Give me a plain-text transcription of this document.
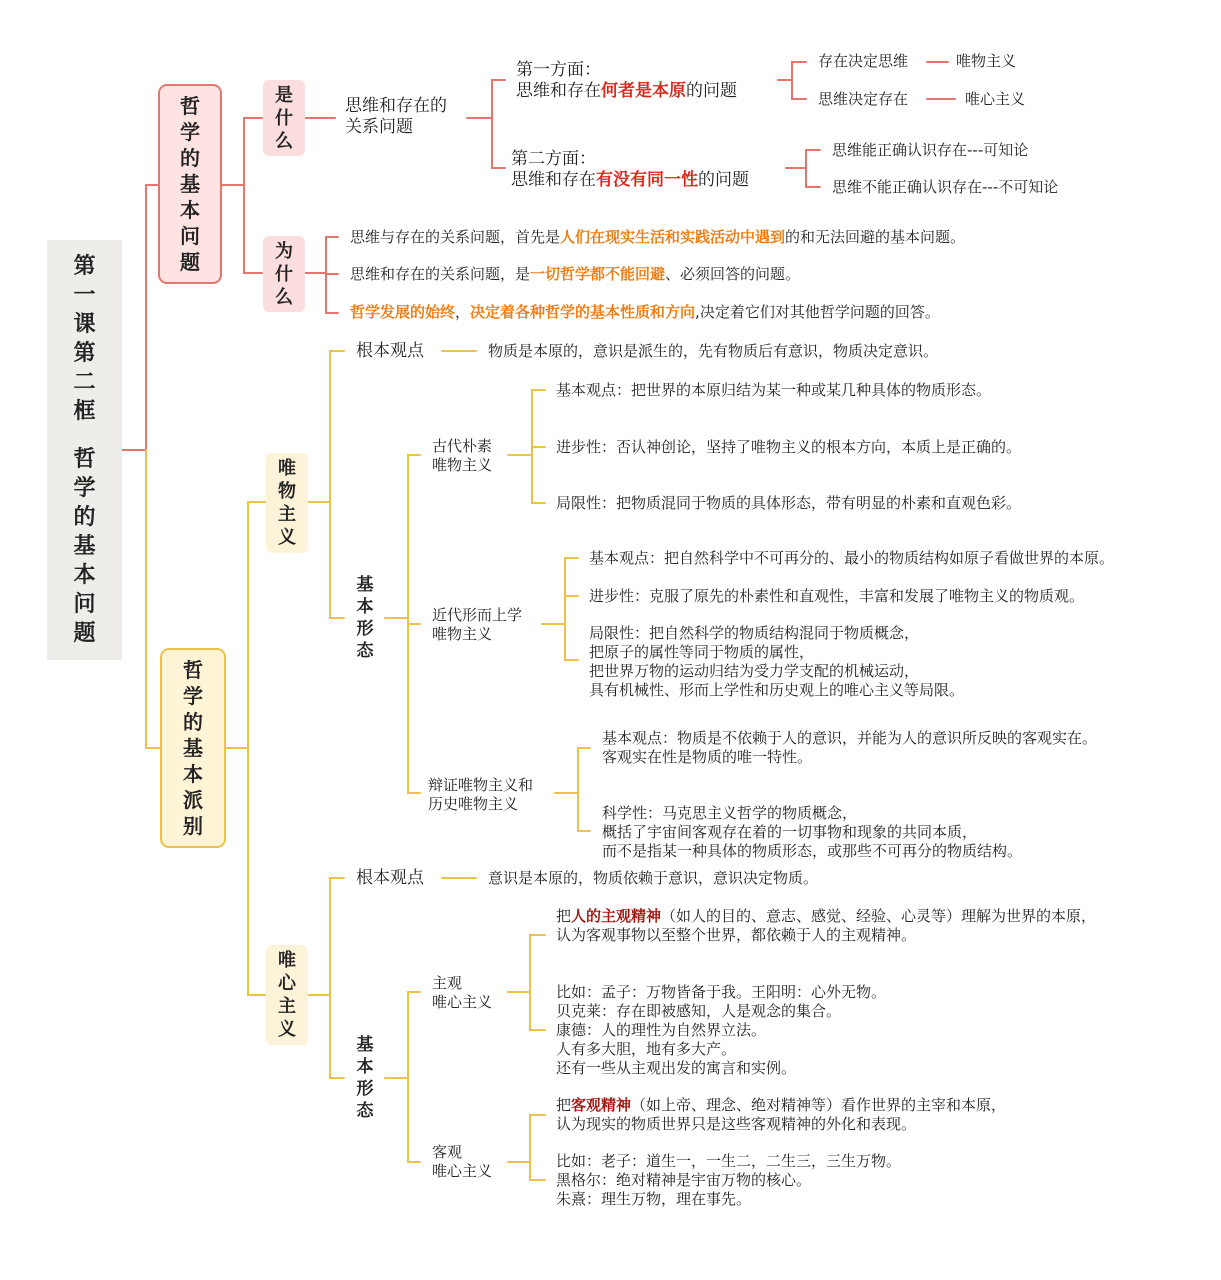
第
一
课
第
二
框

哲
学
的
基
本
问
题
哲
学
的
基
本
问
题
是
什
么
为
什
么
思维和存在的
关系问题
第一方面：
思维和存在何者是本原的问题
第二方面：
思维和存在有没有同一性的问题
存在决定思维	唯物主义
思维决定存在	唯心主义
思维能正确认识存在---可知论
思维不能正确认识存在---不可知论
思维与存在的关系问题，首先是人们在现实生活和实践活动中遇到的和无法回避的基本问题。
思维和存在的关系问题，是一切哲学都不能回避、必须回答的问题。
哲学发展的始终，决定着各种哲学的基本性质和方向,决定着它们对其他哲学问题的回答。
哲
学
的
基
本
派
别
唯
物
主
义
根本观点	物质是本原的，意识是派生的，先有物质后有意识，物质决定意识。
基
本
形
态
古代朴素
唯物主义
基本观点：把世界的本原归结为某一种或某几种具体的物质形态。
进步性：否认神创论，坚持了唯物主义的根本方向，本质上是正确的。
局限性：把物质混同于物质的具体形态，带有明显的朴素和直观色彩。
近代形而上学
唯物主义
基本观点：把自然科学中不可再分的、最小的物质结构如原子看做世界的本原。
进步性：克服了原先的朴素性和直观性，丰富和发展了唯物主义的物质观。
局限性：把自然科学的物质结构混同于物质概念，
把原子的属性等同于物质的属性，
把世界万物的运动归结为受力学支配的机械运动，
具有机械性、形而上学性和历史观上的唯心主义等局限。
辩证唯物主义和
历史唯物主义
基本观点：物质是不依赖于人的意识，并能为人的意识所反映的客观实在。
客观实在性是物质的唯一特性。
科学性：马克思主义哲学的物质概念，
概括了宇宙间客观存在着的一切事物和现象的共同本质，
而不是指某一种具体的物质形态，或那些不可再分的物质结构。
唯
心
主
义
根本观点	意识是本原的，物质依赖于意识，意识决定物质。
基
本
形
态
主观
唯心主义
把人的主观精神（如人的目的、意志、感觉、经验、心灵等）理解为世界的本原，
认为客观事物以至整个世界，都依赖于人的主观精神。
比如：孟子：万物皆备于我。王阳明：心外无物。
贝克莱：存在即被感知，人是观念的集合。
康德：人的理性为自然界立法。
人有多大胆，地有多大产。
还有一些从主观出发的寓言和实例。
客观
唯心主义
把客观精神（如上帝、理念、绝对精神等）看作世界的主宰和本原，
认为现实的物质世界只是这些客观精神的外化和表现。
比如：老子：道生一，一生二，二生三，三生万物。
黑格尔：绝对精神是宇宙万物的核心。
朱熹：理生万物，理在事先。
